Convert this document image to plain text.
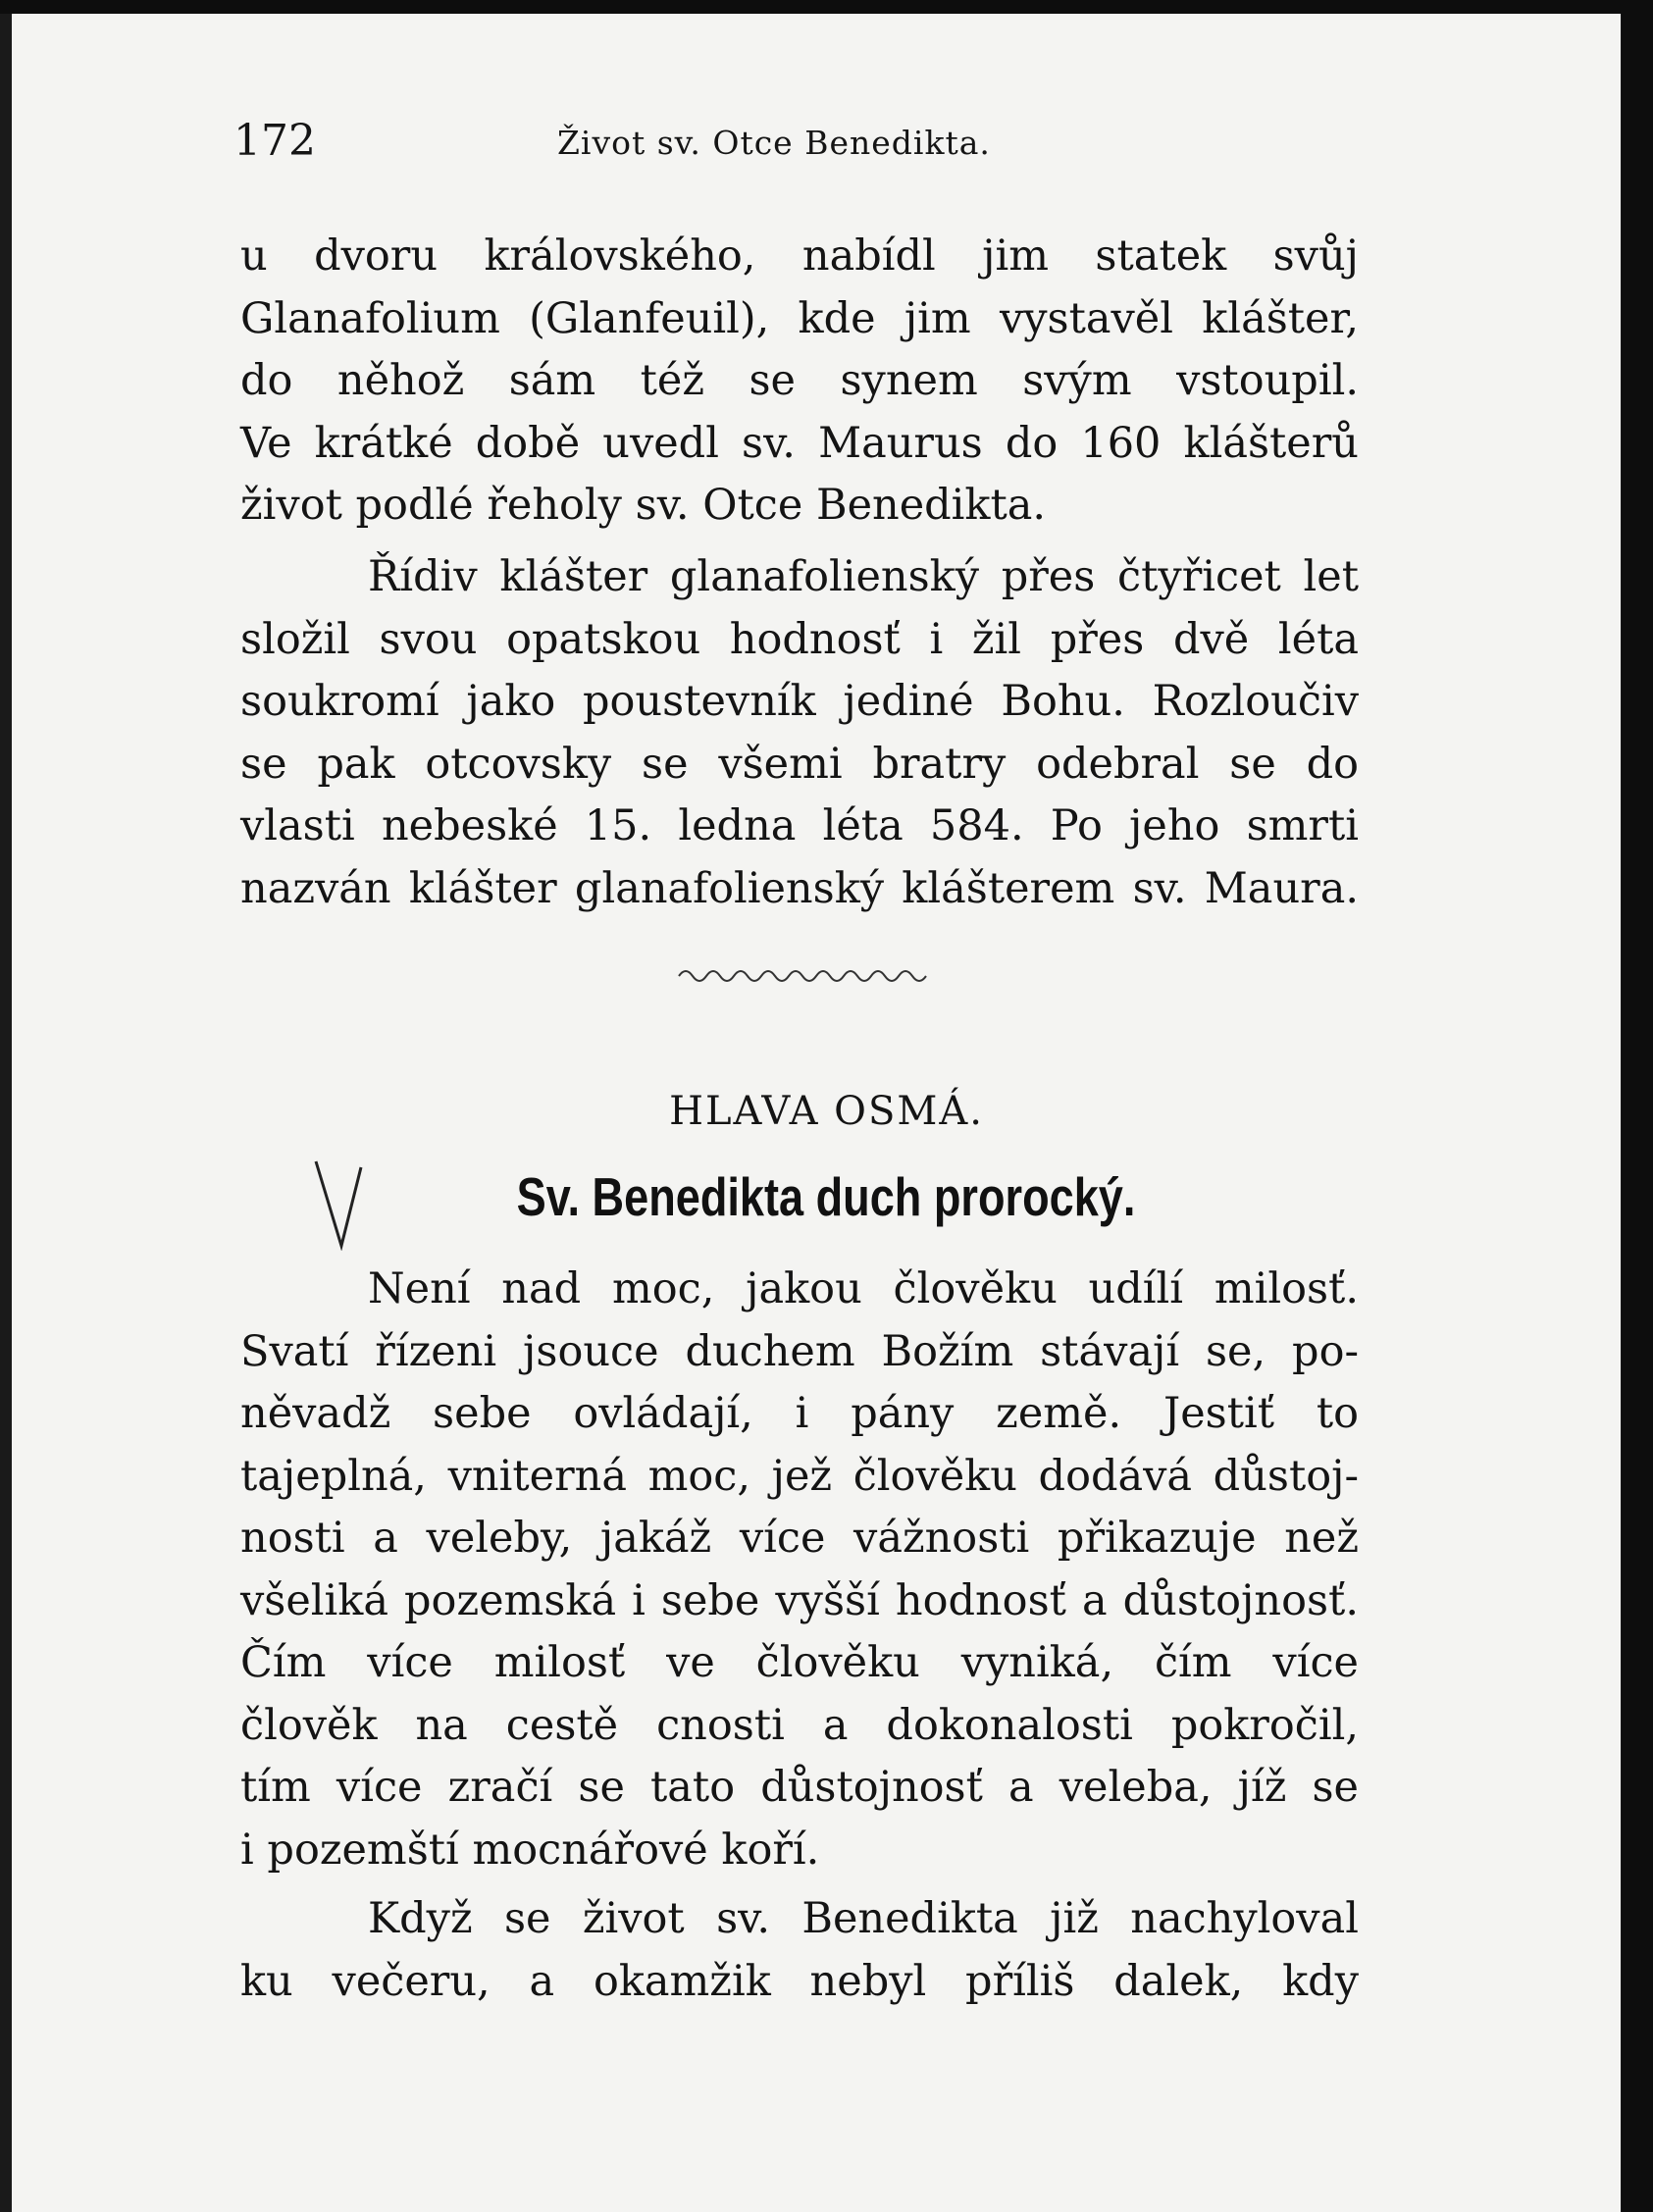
172	Život sv. Otce Benedikta.
u dvoru královského, nabídl jim statek svůj
Glanafolium (Glanfeuil), kde jim vystavěl klášter,
do něhož sám též se synem svým vstoupil.
Ve krátké době uvedl sv. Maurus do 160 klášterů
život podlé řeholy sv. Otce Benedikta.
Řídiv klášter glanafolienský přes čtyřicet let
složil svou opatskou hodnosť i žil přes dvě léta
soukromí jako poustevník jediné Bohu. Rozloučiv
se pak otcovsky se všemi bratry odebral se do
vlasti nebeské 15. ledna léta 584. Po jeho smrti
nazván klášter glanafolienský klášterem sv. Maura.
HLAVA OSMÁ.
Sv. Benedikta duch prorocký.
Není nad moc, jakou člověku udílí milosť.
Svatí řízeni jsouce duchem Božím stávají se, po-
něvadž sebe ovládají, i pány země. Jestiť to
tajeplná, vniterná moc, jež člověku dodává důstoj-
nosti a veleby, jakáž více vážnosti přikazuje než
všeliká pozemská i sebe vyšší hodnosť a důstojnosť.
Čím více milosť ve člověku vyniká, čím více
člověk na cestě cnosti a dokonalosti pokročil,
tím více zračí se tato důstojnosť a veleba, jíž se
i pozemští mocnářové koří.
Když se život sv. Benedikta již nachyloval
ku večeru, a okamžik nebyl příliš dalek, kdy
